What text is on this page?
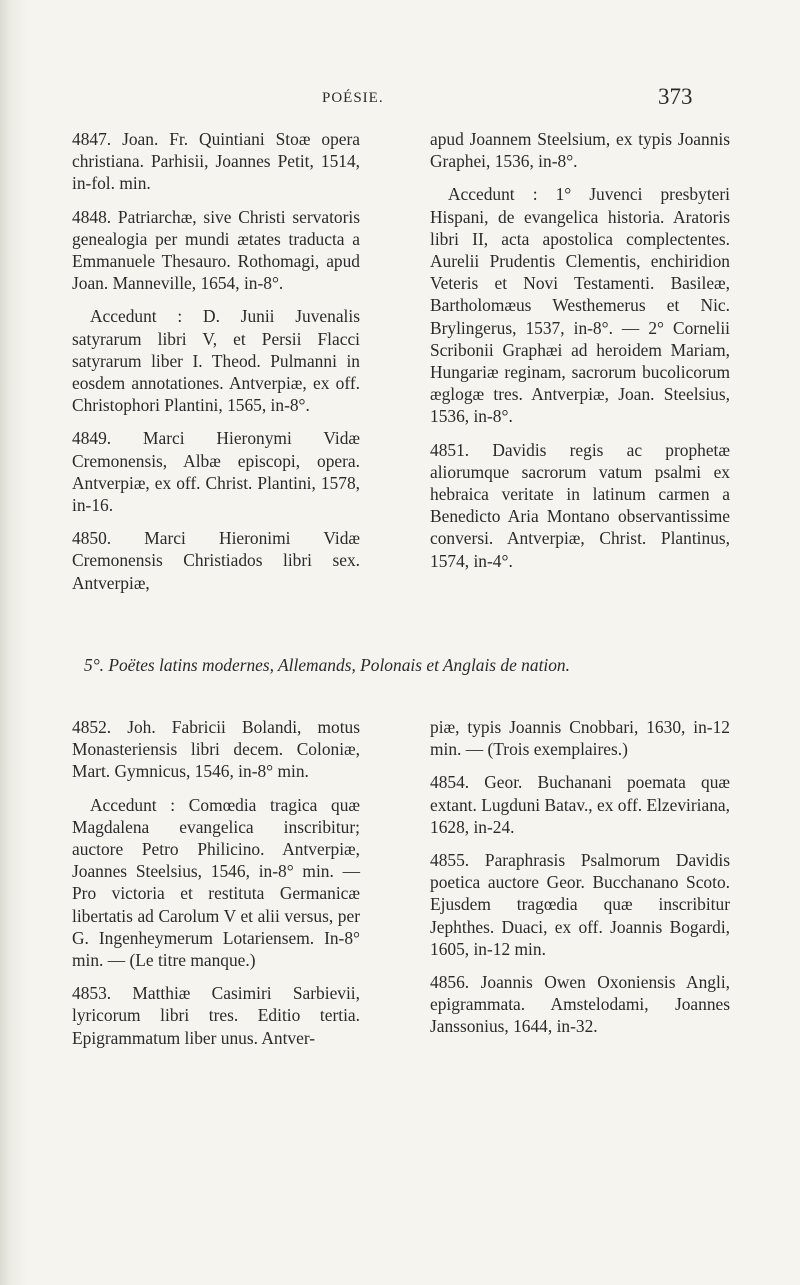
POÉSIE.	373

4847. Joan. Fr. Quintiani Stoæ opera christiana. Parhisii, Joannes Petit, 1514, in-fol. min.

4848. Patriarchæ, sive Christi servatoris genealogia per mundi ætates traducta a Emmanuele Thesauro. Rothomagi, apud Joan. Manneville, 1654, in-8°.

Accedunt : D. Junii Juvenalis satyrarum libri V, et Persii Flacci satyrarum liber I. Theod. Pulmanni in eosdem annotationes. Antverpiæ, ex off. Christophori Plantini, 1565, in-8°.

4849. Marci Hieronymi Vidæ Cremonensis, Albæ episcopi, opera. Antverpiæ, ex off. Christ. Plantini, 1578, in-16.

4850. Marci Hieronimi Vidæ Cremonensis Christiados libri sex. Antverpiæ,

apud Joannem Steelsium, ex typis Joannis Graphei, 1536, in-8°.

Accedunt : 1° Juvenci presbyteri Hispani, de evangelica historia. Aratoris libri II, acta apostolica complectentes. Aurelii Prudentis Clementis, enchiridion Veteris et Novi Testamenti. Basileæ, Bartholomæus Westhemerus et Nic. Brylingerus, 1537, in-8°. — 2° Cornelii Scribonii Graphæi ad heroidem Mariam, Hungariæ reginam, sacrorum bucolicorum æglogæ tres. Antverpiæ, Joan. Steelsius, 1536, in-8°.

4851. Davidis regis ac prophetæ aliorumque sacrorum vatum psalmi ex hebraica veritate in latinum carmen a Benedicto Aria Montano observantissime conversi. Antverpiæ, Christ. Plantinus, 1574, in-4°.

5°. Poëtes latins modernes, Allemands, Polonais et Anglais de nation.

4852. Joh. Fabricii Bolandi, motus Monasteriensis libri decem. Coloniæ, Mart. Gymnicus, 1546, in-8° min.

Accedunt : Comœdia tragica quæ Magdalena evangelica inscribitur; auctore Petro Philicino. Antverpiæ, Joannes Steelsius, 1546, in-8° min. — Pro victoria et restituta Germanicæ libertatis ad Carolum V et alii versus, per G. Ingenheymerum Lotariensem. In-8° min. — (Le titre manque.)

4853. Matthiæ Casimiri Sarbievii, lyricorum libri tres. Editio tertia. Epigrammatum liber unus. Antver-

piæ, typis Joannis Cnobbari, 1630, in-12 min. — (Trois exemplaires.)

4854. Geor. Buchanani poemata quæ extant. Lugduni Batav., ex off. Elzeviriana, 1628, in-24.

4855. Paraphrasis Psalmorum Davidis poetica auctore Geor. Bucchanano Scoto. Ejusdem tragœdia quæ inscribitur Jephthes. Duaci, ex off. Joannis Bogardi, 1605, in-12 min.

4856. Joannis Owen Oxoniensis Angli, epigrammata. Amstelodami, Joannes Janssonius, 1644, in-32.
